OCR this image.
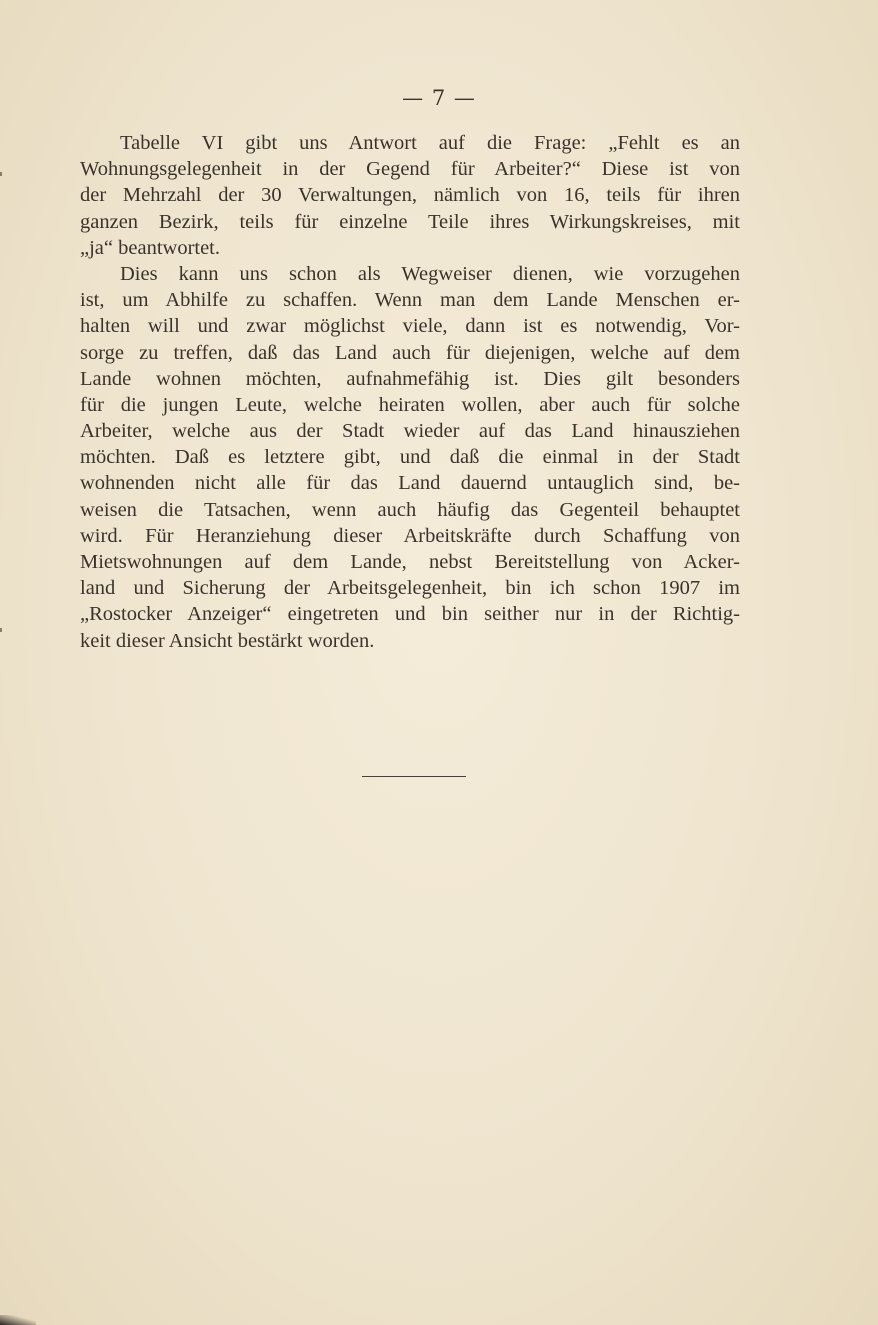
— 7 —
Tabelle VI gibt uns Antwort auf die Frage: „Fehlt es an
Wohnungsgelegenheit in der Gegend für Arbeiter?“ Diese ist von
der Mehrzahl der 30 Verwaltungen, nämlich von 16, teils für ihren
ganzen Bezirk, teils für einzelne Teile ihres Wirkungskreises, mit
„ja“ beantwortet.
Dies kann uns schon als Wegweiser dienen, wie vorzugehen
ist, um Abhilfe zu schaffen. Wenn man dem Lande Menschen er-
halten will und zwar möglichst viele, dann ist es notwendig, Vor-
sorge zu treffen, daß das Land auch für diejenigen, welche auf dem
Lande wohnen möchten, aufnahmefähig ist. Dies gilt besonders
für die jungen Leute, welche heiraten wollen, aber auch für solche
Arbeiter, welche aus der Stadt wieder auf das Land hinausziehen
möchten. Daß es letztere gibt, und daß die einmal in der Stadt
wohnenden nicht alle für das Land dauernd untauglich sind, be-
weisen die Tatsachen, wenn auch häufig das Gegenteil behauptet
wird. Für Heranziehung dieser Arbeitskräfte durch Schaffung von
Mietswohnungen auf dem Lande, nebst Bereitstellung von Acker-
land und Sicherung der Arbeitsgelegenheit, bin ich schon 1907 im
„Rostocker Anzeiger“ eingetreten und bin seither nur in der Richtig-
keit dieser Ansicht bestärkt worden.
